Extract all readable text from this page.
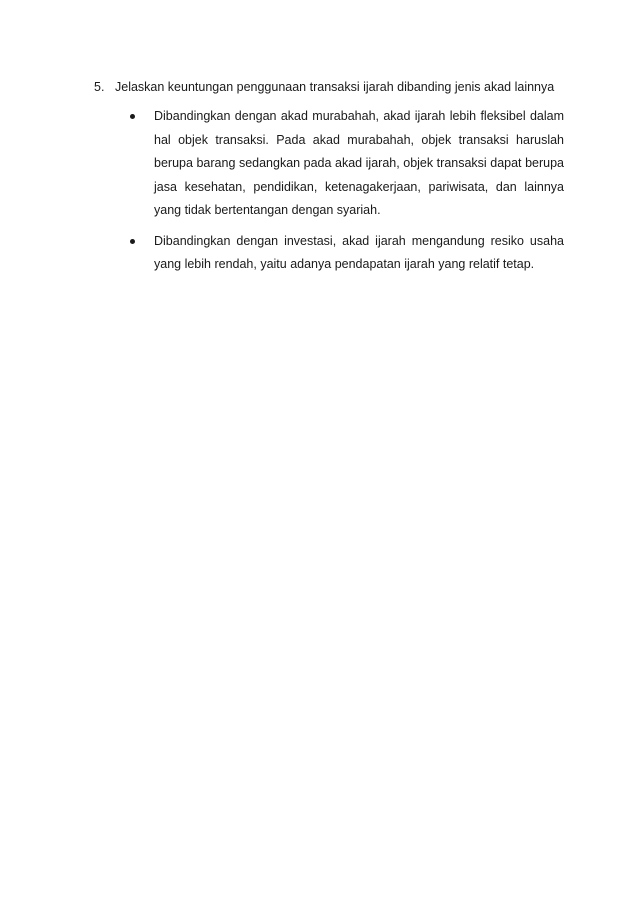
5. Jelaskan keuntungan penggunaan transaksi ijarah dibanding jenis akad lainnya
Dibandingkan dengan akad murabahah, akad ijarah lebih fleksibel dalam hal objek transaksi. Pada akad murabahah, objek transaksi haruslah berupa barang sedangkan pada akad ijarah, objek transaksi dapat berupa jasa kesehatan, pendidikan, ketenagakerjaan, pariwisata, dan lainnya yang tidak bertentangan dengan syariah.
Dibandingkan dengan investasi, akad ijarah mengandung resiko usaha yang lebih rendah, yaitu adanya pendapatan ijarah yang relatif tetap.
